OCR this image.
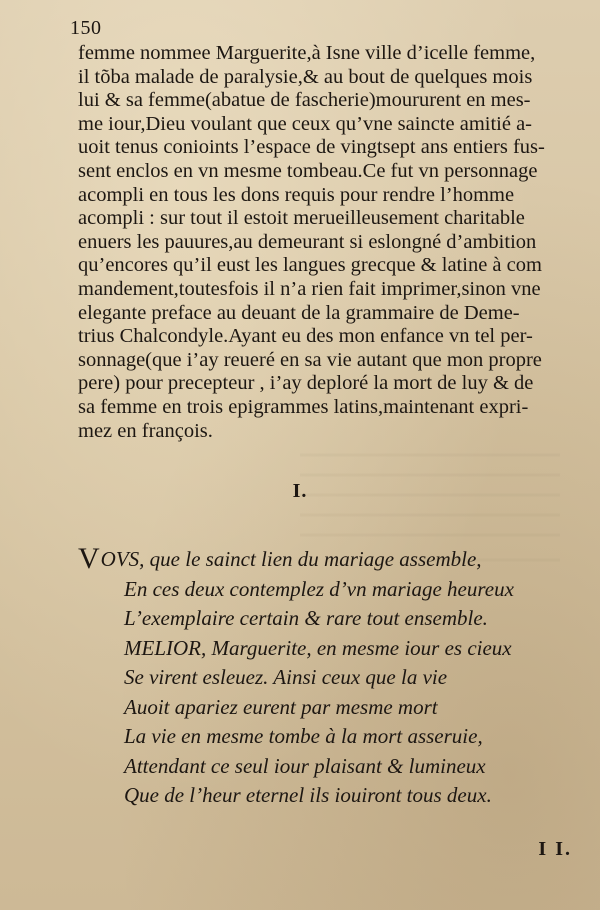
150
femme nommee Marguerite,à Isne ville d’icelle femme,
il tõba malade de paralysie,& au bout de quelques mois
lui & sa femme(abatue de fascherie)moururent en mes-
me iour,Dieu voulant que ceux qu’vne saincte amitié a-
uoit tenus conioints l’espace de vingtsept ans entiers fus-
sent enclos en vn mesme tombeau.Ce fut vn personnage
acompli en tous les dons requis pour rendre l’homme
acompli : sur tout il estoit merueilleusement charitable
enuers les pauures,au demeurant si eslongné d’ambition
qu’encores qu’il eust les langues grecque & latine à com
mandement,toutesfois il n’a rien fait imprimer,sinon vne
elegante preface au deuant de la grammaire de Deme-
trius Chalcondyle.Ayant eu des mon enfance vn tel per-
sonnage(que i’ay reueré en sa vie autant que mon propre
pere) pour precepteur , i’ay deploré la mort de luy & de
sa femme en trois epigrammes latins,maintenant expri-
mez en françois.
I.
VOVS, que le sainct lien du mariage assemble,
En ces deux contemplez d’vn mariage heureux
L’exemplaire certain & rare tout ensemble.
MELIOR, Marguerite, en mesme iour es cieux
Se virent esleuez. Ainsi ceux que la vie
Auoit apariez eurent par mesme mort
La vie en mesme tombe à la mort asseruie,
Attendant ce seul iour plaisant & lumineux
Que de l’heur eternel ils iouiront tous deux.
I I.
